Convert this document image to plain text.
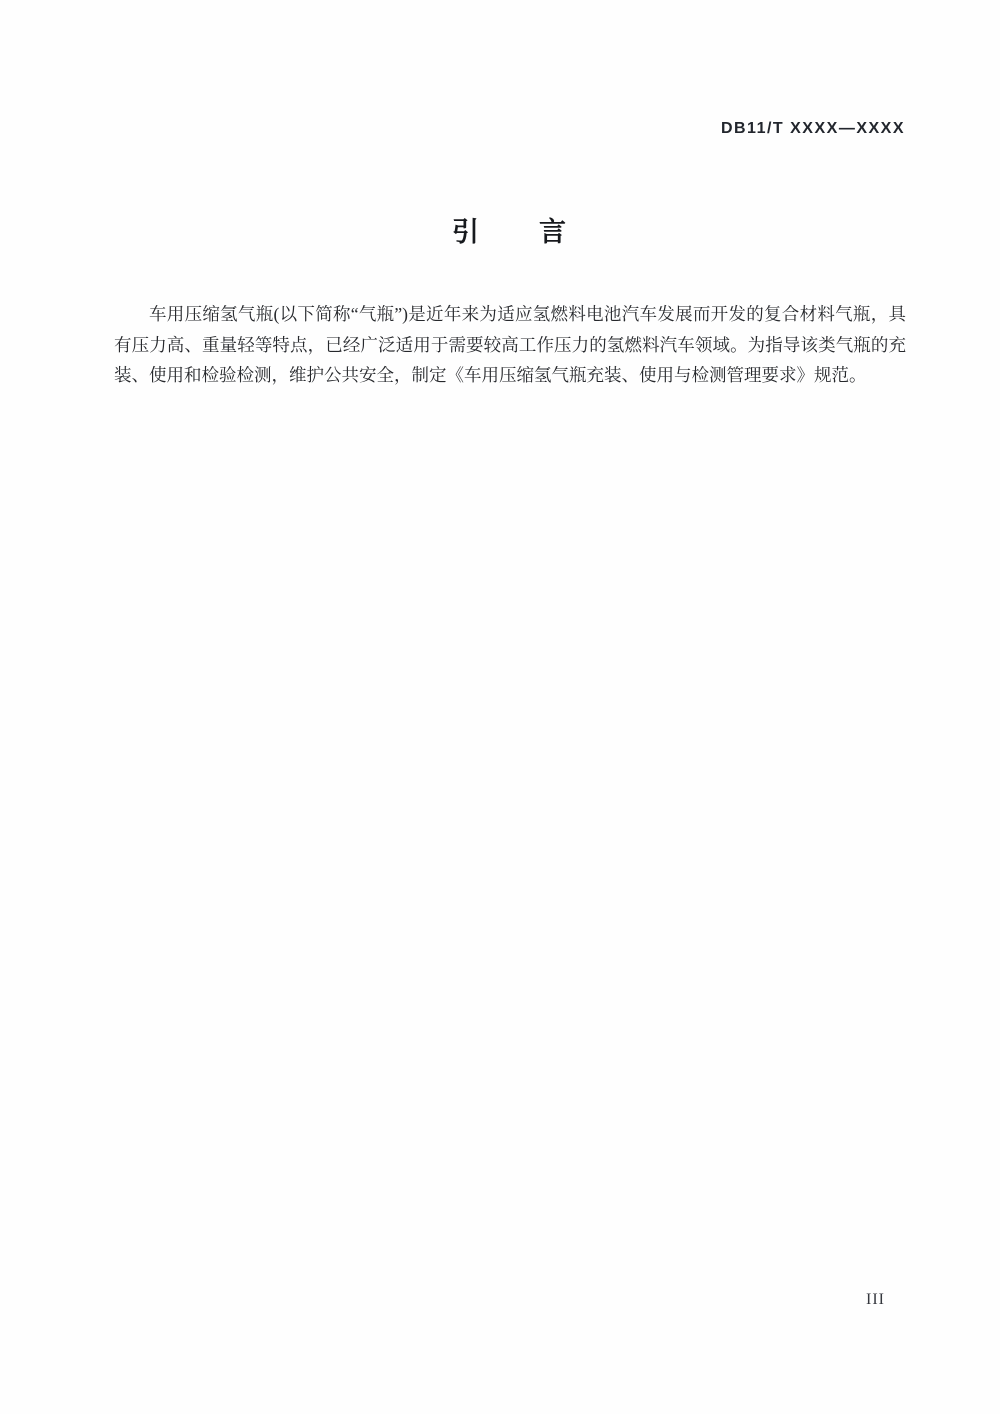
DB11/T XXXX—XXXX
引　　言

车用压缩氢气瓶(以下简称“气瓶”)是近年来为适应氢燃料电池汽车发展而开发的复合材料气瓶，具有压力高、重量轻等特点，已经广泛适用于需要较高工作压力的氢燃料汽车领域。为指导该类气瓶的充装、使用和检验检测，维护公共安全，制定《车用压缩氢气瓶充装、使用与检测管理要求》规范。

III
